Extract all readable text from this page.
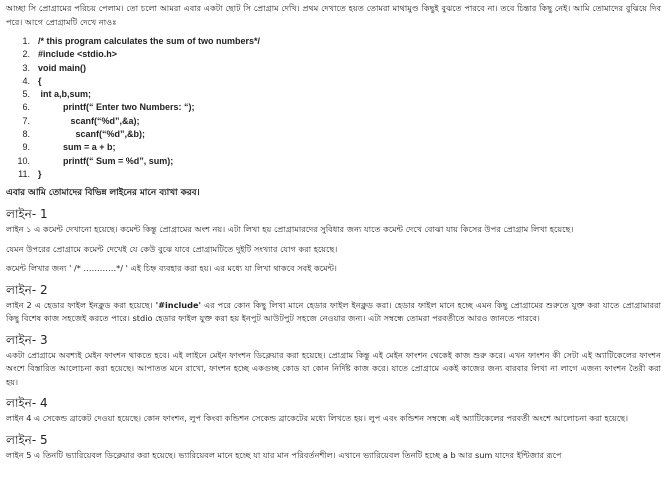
আচ্ছা সি প্রোগ্রামের পরিচয় পেলাম। তো চলো আমরা এবার একটা ছোট সি প্রোগ্রাম দেখি। প্রথম দেখাতে হয়ত তোমরা মাথামুণ্ড কিছুই বুঝতে পারবে না। তবে চিন্তার কিছু নেই। আমি তোমাদের বুঝিয়ে দিব পরে। আগে প্রোগ্রামটি দেখে নাওঃ

1. /* this program calculates the sum of two numbers*/
2. #include <stdio.h>
3. void main()
4. {
5. int a,b,sum;
6.          printf(“ Enter two Numbers: “);
7.             scanf(“%d”,&a);
8.               scanf(“%d”,&b);
9.          sum = a + b;
10.          printf(“ Sum = %d”, sum);
11. }

এবার আমি তোমাদের বিভিন্ন লাইনের মানে ব্যাখা করব।

লাইন- 1

লাইন ১ এ কমেন্ট দেখানো হয়েছে। কমেন্ট কিন্তু প্রোগ্রামের অংশ নয়। এটা লিখা হয় প্রোগ্রামারদের সুবিধার জন্য যাতে কমেন্ট দেখে বোঝা যায় কিসের উপর প্রোগ্রাম লিখা হয়েছে।

যেমন উপরের প্রোগ্রামে কমেন্ট দেখেই যে কেউ বুঝে যাবে প্রোগ্রামটিতে দুইটি সংখ্যার যোগ করা হয়েছে।

কমেন্ট লিখার জন্য ' /* …………*/ ' এই চিহ্ন ব্যবহার করা হয়। এর মধ্যে যা লিখা থাকবে সবই কমেন্ট।

লাইন- 2

লাইন 2 এ হেডার ফাইল ইনক্লুড করা হয়েছে। '#include' এর পরে কোন কিছু লিখা মানে হেডার ফাইল ইনক্লুড করা। হেডার ফাইল মানে হচ্ছে এমন কিছু প্রোগ্রামের শুরুতে যুক্ত করা যাতে প্রোগ্রামাররা কিছু বিশেষ কাজ সহজেই করতে পারে। stdio হেডার ফাইল যুক্ত করা হয় ইনপুট আউটপুট সহজে নেওয়ার জন্য। এটা সম্বন্ধে তোমরা পরবর্তীতে আরও জানতে পারবে।

লাইন- 3

একটা প্রোগ্রামে অবশ্যই মেইন ফাংশন থাকতে হবে। এই লাইনে মেইন ফাংশন ডিক্লেয়ার করা হয়েছে। প্রোগ্রাম কিন্তু এই মেইন ফাংশন থেকেই কাজ শুরু করে। এখন ফাংশন কী সেটা এই অ্যাটিকেলের ফাংশন অংশে বিস্তারিত আলোচনা করা হয়েছে। আপাতত মনে রাখো, ফাংশন হচ্ছে একগুচ্ছ কোড যা কোন নির্দিষ্ট কাজ করে। যাতে প্রোগ্রামে একই কাজের জন্য বারবার লিখা না লাগে এজন্য ফাংশন তৈরী করা হয়।

লাইন- 4

লাইন 4 এ সেকেন্ড ব্রাকেট দেওয়া হয়েছে। কোন ফাংশন, লুপ কিংবা কন্ডিশন সেকেন্ড ব্রাকেটের মধ্যে লিখতে হয়। লুপ এবং কন্ডিশন সম্বন্ধে এই অ্যাটিকেলের পরবর্তী অংশে আলোচনা করা হয়েছে।

লাইন- 5

লাইন 5 এ তিনটি ভ্যারিয়েবল ডিক্লেয়ার করা হয়েছে। ভ্যারিয়েবল মানে হচ্ছে যা যার মান পরিবর্তনশীল। এখানে ভ্যারিয়েবল তিনটি হচ্ছে a b আর sum যাদের ইন্টিজার রূপে
